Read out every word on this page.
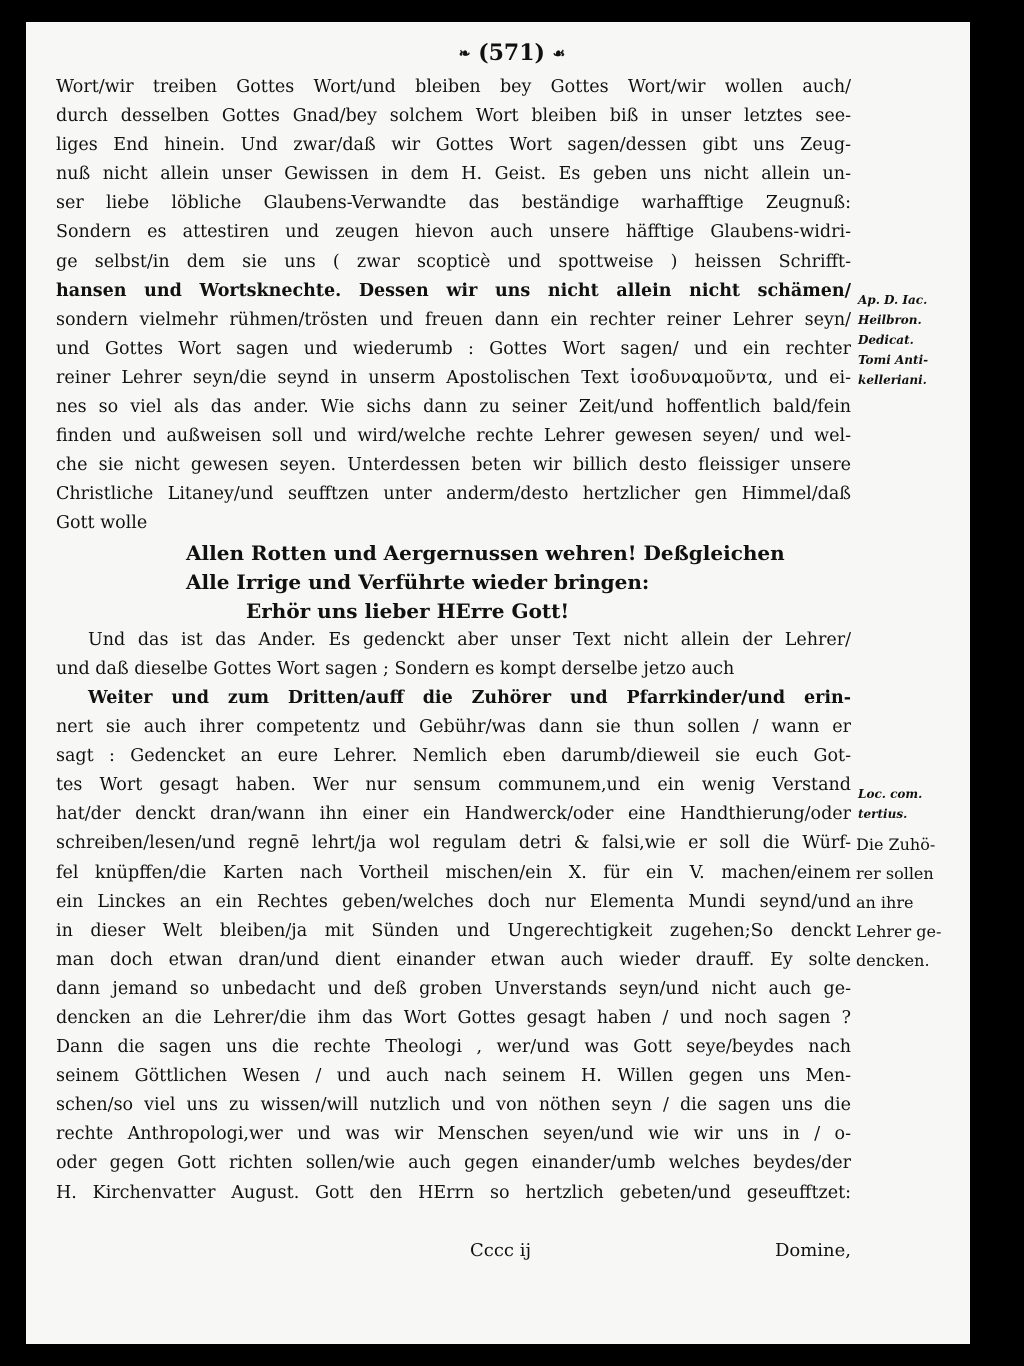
❧ (571) ☙
Wort/wir treiben Gottes Wort/und bleiben bey Gottes Wort/wir wollen auch/
durch desselben Gottes Gnad/bey solchem Wort bleiben biß in unser letztes see-
liges End hinein. Und zwar/daß wir Gottes Wort sagen/dessen gibt uns Zeug-
nuß nicht allein unser Gewissen in dem H. Geist. Es geben uns nicht allein un-
ser liebe löbliche Glaubens-Verwandte das beständige warhafftige Zeugnuß:
Sondern es attestiren und zeugen hievon auch unsere häfftige Glaubens-widri-
ge selbst/in dem sie uns ( zwar scopticè und spottweise ) heissen Schrifft-
hansen und Wortsknechte. Dessen wir uns nicht allein nicht schämen/
sondern vielmehr rühmen/trösten und freuen dann ein rechter reiner Lehrer seyn/
und Gottes Wort sagen und wiederumb : Gottes Wort sagen/ und ein rechter
reiner Lehrer seyn/die seynd in unserm Apostolischen Text ἰσοδυναμοῦντα, und ei-
nes so viel als das ander. Wie sichs dann zu seiner Zeit/und hoffentlich bald/fein
finden und außweisen soll und wird/welche rechte Lehrer gewesen seyen/ und wel-
che sie nicht gewesen seyen. Unterdessen beten wir billich desto fleissiger unsere
Christliche Litaney/und seufftzen unter anderm/desto hertzlicher gen Himmel/daß
Gott wolle
Allen Rotten und Aergernussen wehren! Deßgleichen
Alle Irrige und Verführte wieder bringen:
Erhör uns lieber HErre Gott!
Und das ist das Ander. Es gedenckt aber unser Text nicht allein der Lehrer/
und daß dieselbe Gottes Wort sagen ; Sondern es kompt derselbe jetzo auch
Weiter und zum Dritten/auff die Zuhörer und Pfarrkinder/und erin-
nert sie auch ihrer competentz und Gebühr/was dann sie thun sollen / wann er
sagt : Gedencket an eure Lehrer. Nemlich eben darumb/dieweil sie euch Got-
tes Wort gesagt haben. Wer nur sensum communem,und ein wenig Verstand
hat/der denckt dran/wann ihn einer ein Handwerck/oder eine Handthierung/oder
schreiben/lesen/und regnē lehrt/ja wol regulam detri & falsi,wie er soll die Würf-
fel knüpffen/die Karten nach Vortheil mischen/ein X. für ein V. machen/einem
ein Linckes an ein Rechtes geben/welches doch nur Elementa Mundi seynd/und
in dieser Welt bleiben/ja mit Sünden und Ungerechtigkeit zugehen;So denckt
man doch etwan dran/und dient einander etwan auch wieder drauff. Ey solte
dann jemand so unbedacht und deß groben Unverstands seyn/und nicht auch ge-
dencken an die Lehrer/die ihm das Wort Gottes gesagt haben / und noch sagen ?
Dann die sagen uns die rechte Theologi , wer/und was Gott seye/beydes nach
seinem Göttlichen Wesen / und auch nach seinem H. Willen gegen uns Men-
schen/so viel uns zu wissen/will nutzlich und von nöthen seyn / die sagen uns die
rechte Anthropologi,wer und was wir Menschen seyen/und wie wir uns in / o-
oder gegen Gott richten sollen/wie auch gegen einander/umb welches beydes/der
H. Kirchenvatter August. Gott den HErrn so hertzlich gebeten/und geseufftzet:
Ap. D. Iac.
Heilbron.
Dedicat.
Tomi Anti-
kelleriani.
Loc. com.
tertius.
Die Zuhö-
rer sollen
an ihre
Lehrer ge-
dencken.
Cccc ij	Domine,
